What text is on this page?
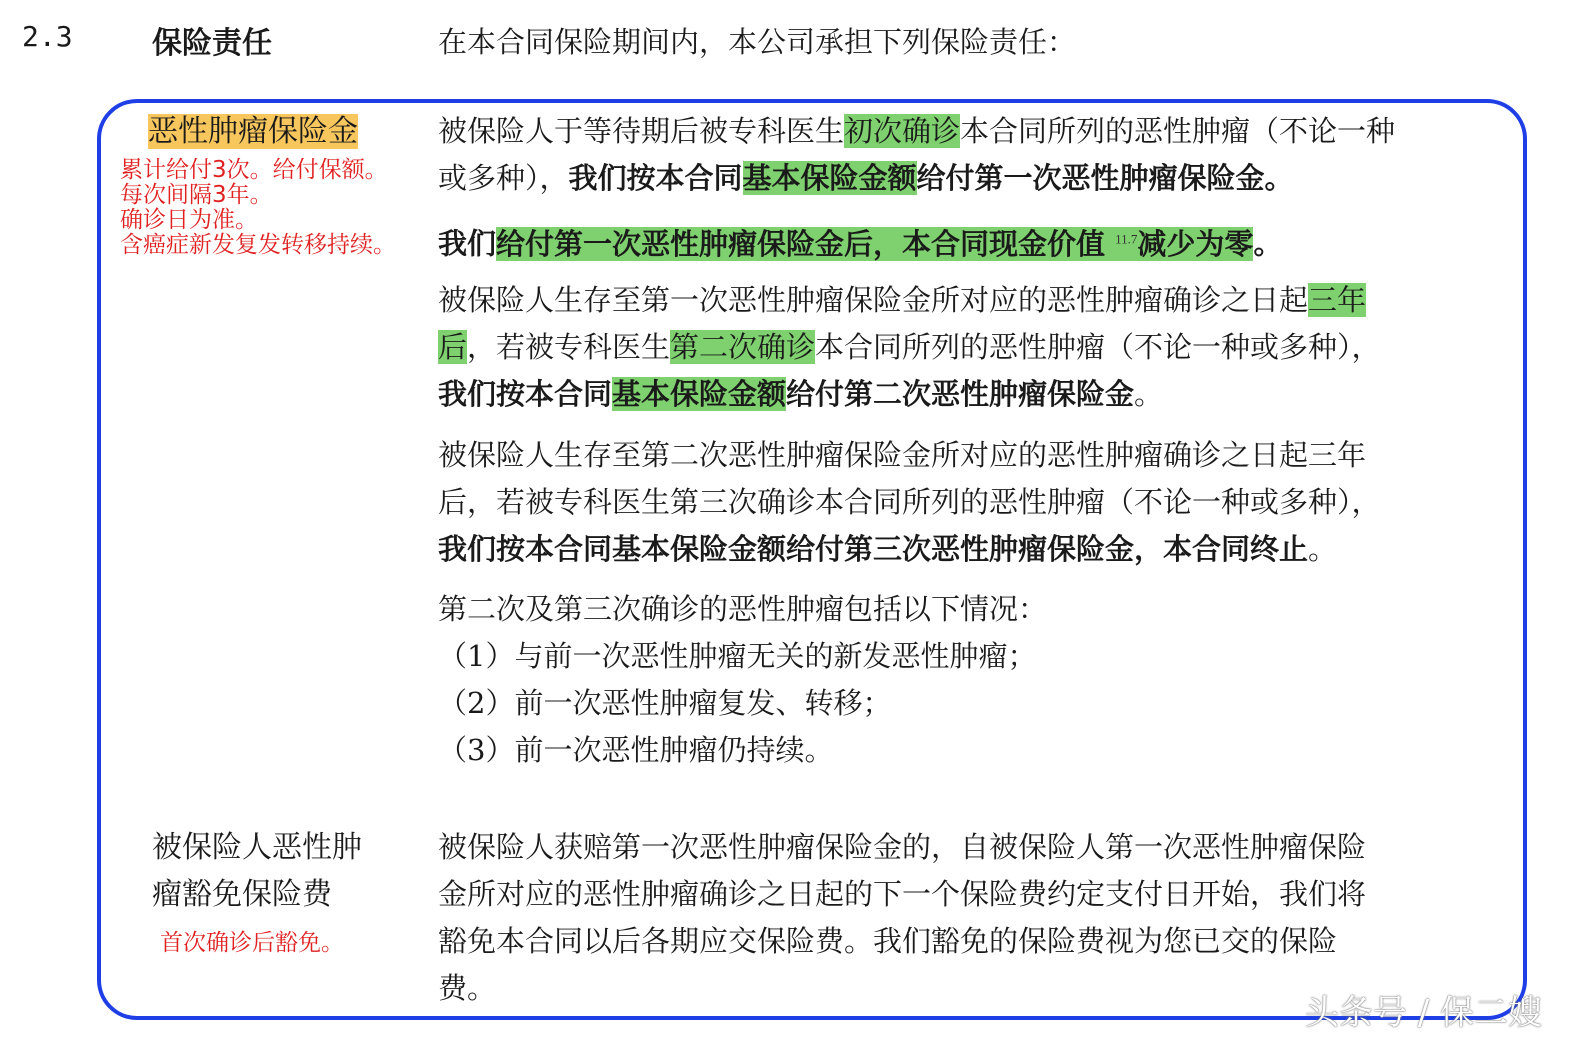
2.3	保险责任	在本合同保险期间内，本公司承担下列保险责任：
恶性肿瘤保险金
累计给付3次。给付保额。
每次间隔3年。
确诊日为准。
含癌症新发复发转移持续。
被保险人于等待期后被专科医生初次确诊本合同所列的恶性肿瘤（不论一种
或多种），我们按本合同基本保险金额给付第一次恶性肿瘤保险金。
我们给付第一次恶性肿瘤保险金后，本合同现金价值 $^{11.7}$减少为零。
被保险人生存至第一次恶性肿瘤保险金所对应的恶性肿瘤确诊之日起三年
后，若被专科医生第二次确诊本合同所列的恶性肿瘤（不论一种或多种），
我们按本合同基本保险金额给付第二次恶性肿瘤保险金。
被保险人生存至第二次恶性肿瘤保险金所对应的恶性肿瘤确诊之日起三年
后，若被专科医生第三次确诊本合同所列的恶性肿瘤（不论一种或多种），
我们按本合同基本保险金额给付第三次恶性肿瘤保险金，本合同终止。
第二次及第三次确诊的恶性肿瘤包括以下情况：
（1）与前一次恶性肿瘤无关的新发恶性肿瘤；
（2）前一次恶性肿瘤复发、转移；
（3）前一次恶性肿瘤仍持续。
被保险人恶性肿
瘤豁免保险费
首次确诊后豁免。
被保险人获赔第一次恶性肿瘤保险金的，自被保险人第一次恶性肿瘤保险
金所对应的恶性肿瘤确诊之日起的下一个保险费约定支付日开始，我们将
豁免本合同以后各期应交保险费。我们豁免的保险费视为您已交的保险
费。
头条号 / 保二嫂
